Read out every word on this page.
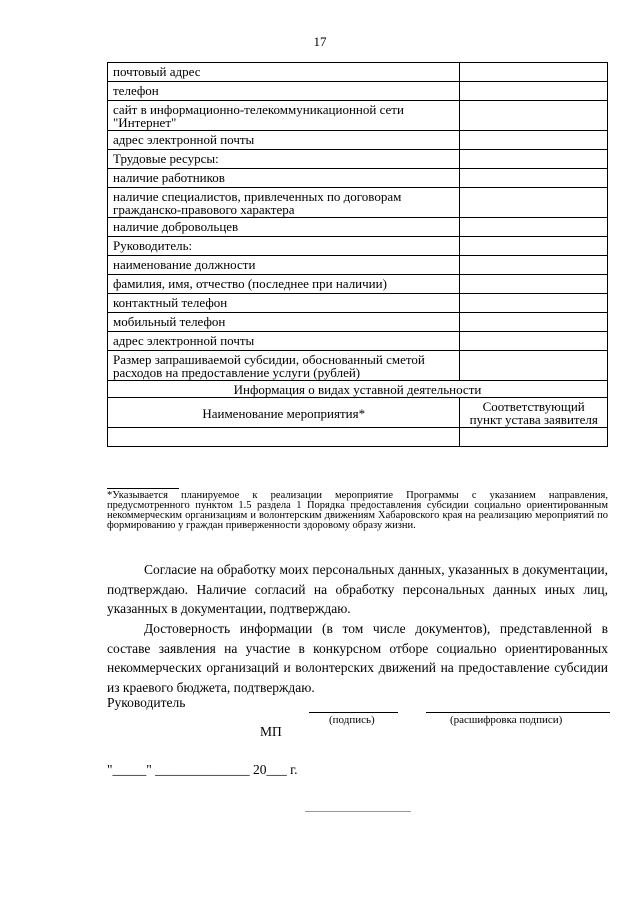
17
почтовый адрес	
телефон	
сайт в информационно-телекоммуникационной сети "Интернет"	
адрес электронной почты	
Трудовые ресурсы:	
наличие работников	
наличие специалистов, привлеченных по договорам гражданско-правового характера	
наличие добровольцев	
Руководитель:	
наименование должности	
фамилия, имя, отчество (последнее при наличии)	
контактный телефон	
мобильный телефон	
адрес электронной почты	
Размер запрашиваемой субсидии, обоснованный сметой расходов на предоставление услуги (рублей)	
Информация о видах уставной деятельности	
Наименование мероприятия*	Соответствующий пункт устава заявителя

*Указывается планируемое к реализации мероприятие Программы с указанием направления, предусмотренного пунктом 1.5 раздела 1 Порядка предоставления субсидии социально ориентированным некоммерческим организациям и волонтерским движениям Хабаровского края на реализацию мероприятий по формированию у граждан приверженности здоровому образу жизни.
Согласие на обработку моих персональных данных, указанных в документации, подтверждаю. Наличие согласий на обработку персональных данных иных лиц, указанных в документации, подтверждаю.
Достоверность информации (в том числе документов), представленной в составе заявления на участие в конкурсном отборе социально ориентированных некоммерческих организаций и волонтерских движений на предоставление субсидии из краевого бюджета, подтверждаю.
Руководитель
(подпись)	(расшифровка подписи)
МП
"_____" ______________ 20___ г.
